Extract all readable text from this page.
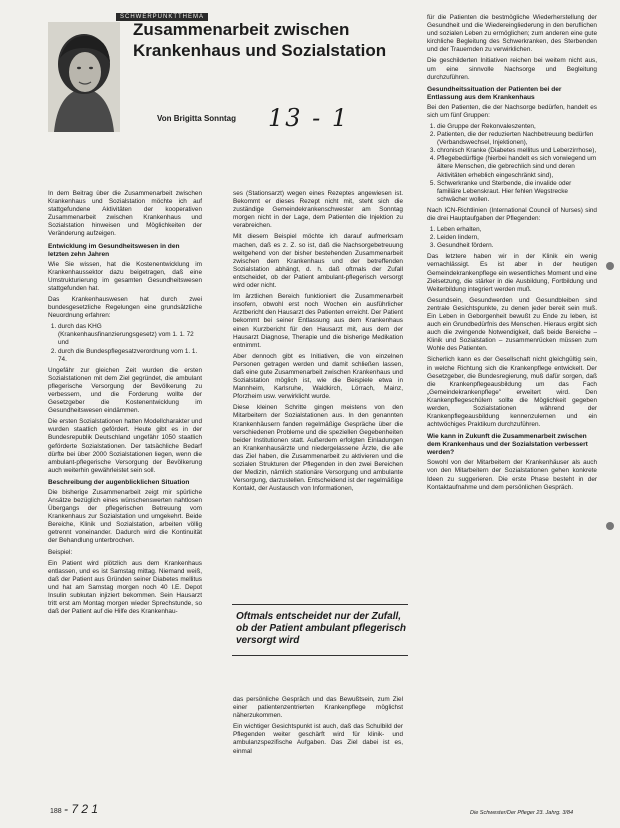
SCHWERPUNKTTHEMA
Zusammenarbeit zwischen Krankenhaus und Sozialstation
Von Brigitta Sonntag 13 - 1

In dem Beitrag über die Zusammenarbeit zwischen Krankenhaus und Sozialstation möchte ich auf stattgefundene Aktivitäten der kooperativen Zusammenarbeit zwischen Krankenhaus und Sozialstation hinweisen und Möglichkeiten der Veränderung aufzeigen.

Entwicklung im Gesundheitswesen in den letzten zehn Jahren

Wie Sie wissen, hat die Kostenentwicklung im Krankenhaussektor dazu beigetragen, daß eine Umstrukturierung im gesamten Gesundheitswesen stattgefunden hat.

Das Krankenhauswesen hat durch zwei bundesgesetzliche Regelungen eine grundsätzliche Neuordnung erfahren:

1. durch das KHG (Krankenhausfinanzierungsgesetz) vom 1. 1. 72 und
2. durch die Bundespflegesatzverordnung vom 1. 1. 74.

Ungefähr zur gleichen Zeit wurden die ersten Sozialstationen mit dem Ziel gegründet, die ambulant pflegerische Versorgung der Bevölkerung zu verbessern, und die Forderung wollte der Gesetzgeber die Kostenentwicklung im Gesundheitswesen eindämmen.

Die ersten Sozialstationen hatten Modellcharakter und wurden staatlich gefördert. Heute gibt es in der Bundesrepublik Deutschland ungefähr 1050 staatlich geförderte Sozialstationen. Der tatsächliche Bedarf dürfte bei über 2000 Sozialstationen liegen, wenn die ambulant-pflegerische Versorgung der Bevölkerung auch weiterhin gewährleistet sein soll.

Beschreibung der augenblicklichen Situation

Die bisherige Zusammenarbeit zeigt mir spürliche Ansätze bezüglich eines wünschenswerten nahtlosen Übergangs der pflegerischen Betreuung vom Krankenhaus zur Sozialstation und umgekehrt. Beide Bereiche, Klinik und Sozialstation, arbeiten völlig getrennt voneinander. Dadurch wird die Kontinuität der Behandlung unterbrochen.

Beispiel:

Ein Patient wird plötzlich aus dem Krankenhaus entlassen, und es ist Samstag mittag. Niemand weiß, daß der Patient aus Gründen seiner Diabetes mellitus und hat am Samstag morgen noch 40 I.E. Depot Insulin subkutan injiziert bekommen. Sein Hausarzt tritt erst am Montag morgen wieder Sprechstunde, so daß der Patient auf die Hilfe des Krankenhau-

ses (Stationsarzt) wegen eines Rezeptes angewiesen ist. Bekommt er dieses Rezept nicht mit, steht sich die zuständige Gemeindekrankenschwester am Sonntag morgen nicht in der Lage, dem Patienten die Injektion zu verabreichen.

Mit diesem Beispiel möchte ich darauf aufmerksam machen, daß es z. Z. so ist, daß die Nachsorgebetreuung weitgehend von der bisher bestehenden Zusammenarbeit zwischen dem Krankenhaus und der betreffenden Sozialstation abhängt, d. h. daß oftmals der Zufall entscheidet, ob der Patient ambulant-pflegerisch versorgt wird oder nicht.

Im ärztlichen Bereich funktioniert die Zusammenarbeit insofern, obwohl erst noch Wochen ein ausführlicher Arztbericht den Hausarzt des Patienten erreicht. Der Patient bekommt bei seiner Entlassung aus dem Krankenhaus einen Kurzbericht für den Hausarzt mit, aus dem der Hausarzt Diagnose, Therapie und die bisherige Medikation entnimmt.

Aber dennoch gibt es Initiativen, die von einzelnen Personen getragen werden und damit schließen lassen, daß eine gute Zusammenarbeit zwischen Krankenhaus und Sozialstation möglich ist, wie die Beispiele etwa in Mannheim, Karlsruhe, Waldkirch, Lörrach, Mainz, Pforzheim usw. verwirklicht wurde.

Diese kleinen Schritte gingen meistens von den Mitarbeitern der Sozialstationen aus. In den genannten Krankenhäusern fanden regelmäßige Gespräche über die verschiedenen Probleme und die speziellen Gegebenheiten beider Institutionen statt. Außerdem erfolgten Einladungen an Krankenhausärzte und niedergelassene Ärzte, die alle das Ziel haben, die Zusammenarbeit zu aktivieren und die sozialen Strukturen der Pflegenden in den zwei Bereichen der Medizin, nämlich stationäre Versorgung und ambulante Versorgung, darzustellen. Entscheidend ist der regelmäßige Kontakt, der Austausch von Informationen,

Oftmals entscheidet nur der Zufall, ob der Patient ambulant pflegerisch versorgt wird

das persönliche Gespräch und das Bewußtsein, zum Ziel einer patientenzentrierten Krankenpflege möglichst näherzukommen.

Ein wichtiger Gesichtspunkt ist auch, daß das Schulbild der Pflegenden weiter geschärft wird für klinik- und ambulanzspezifische Aufgaben. Das Ziel dabei ist es, einmal

für die Patienten die bestmögliche Wiederherstellung der Gesundheit und die Wiedereingliederung in den beruflichen und sozialen Leben zu ermöglichen; zum anderen eine gute kirchliche Begleitung des Schwerkranken, des Sterbenden und der Trauernden zu verwirklichen.

Die geschilderten Initiativen reichen bei weitem nicht aus, um eine sinnvolle Nachsorge und Begleitung durchzuführen.

Gesundheitssituation der Patienten bei der Entlassung aus dem Krankenhaus

Bei den Patienten, die der Nachsorge bedürfen, handelt es sich um fünf Gruppen:

1. die Gruppe der Rekonvaleszenten,
2. Patienten, die der reduzierten Nachbetreuung bedürfen (Verbandswechsel, Injektionen),
3. chronisch Kranke (Diabetes mellitus und Leberzirrhose),
4. Pflegebedürftige (hierbei handelt es sich vorwiegend um ältere Menschen, die gebrechlich sind und deren Aktivitäten erheblich eingeschränkt sind),
5. Schwerkranke und Sterbende, die invalide oder familiäre Lebenskraut. Hier fehlen Wegstrecke schwächer wollen.

Nach ICN-Richtlinien (International Council of Nurses) sind die drei Hauptaufgaben der Pflegenden:

1. Leben erhalten,
2. Leiden lindern,
3. Gesundheit fördern.

Das letztere haben wir in der Klinik ein wenig vernachlässigt. Es ist aber in der heutigen Gemeindekrankenpflege ein wesentliches Moment und eine Zielsetzung, die stärker in die Ausbildung, Fortbildung und Weiterbildung integriert werden muß.

Gesundsein, Gesundwerden und Gesundbleiben sind zentrale Gesichtspunkte, zu denen jeder bereit sein muß. Ein Leben in Geborgenheit bewußt zu Ende zu leben, ist auch ein Grundbedürfnis des Menschen. Hieraus ergibt sich auch die zwingende Notwendigkeit, daß beide Bereiche – Klinik und Sozialstation – zusammenrücken müssen zum Wohle des Patienten.

Sicherlich kann es der Gesellschaft nicht gleichgültig sein, in welche Richtung sich die Krankenpflege entwickelt. Der Gesetzgeber, die Bundesregierung, muß dafür sorgen, daß die Krankenpflegeausbildung um das Fach „Gemeindekrankenpflege" erweitert wird. Den Krankenpflegeschülern sollte die Möglichkeit gegeben werden, Sozialstationen während der Krankenpflegeausbildung kennenzulernen und ein achtwöchiges Praktikum durchzuführen.

Wie kann in Zukunft die Zusammenarbeit zwischen dem Krankenhaus und der Sozialstation verbessert werden?

Sowohl von der Mitarbeitern der Krankenhäuser als auch von den Mitarbeitern der Sozialstationen gehen konkrete Ideen zu suggerieren. Die erste Phase besteht in der Kontaktaufnahme und dem persönlichen Gespräch.

188 - 7 2 1	Die Schwester/Der Pfleger 23. Jahrg. 3/84
